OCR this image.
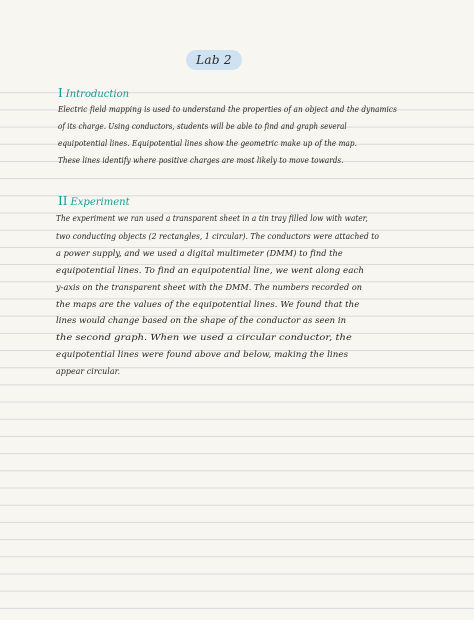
Lab 2
I Introduction
Electric field mapping is used to understand the properties of an object and the dynamics
of its charge. Using conductors, students will be able to find and graph several
equipotential lines. Equipotential lines show the geometric make up of the map.
These lines identify where positive charges are most likely to move towards.
II Experiment
The experiment we ran used a transparent sheet in a tin tray filled low with water,
two conducting objects (2 rectangles, 1 circular). The conductors were attached to
a power supply, and we used a digital multimeter (DMM) to find the
equipotential lines. To find an equipotential line, we went along each
y-axis on the transparent sheet with the DMM. The numbers recorded on
the maps are the values of the equipotential lines. We found that the
lines would change based on the shape of the conductor as seen in
the second graph. When we used a circular conductor, the
equipotential lines were found above and below, making the lines
appear circular.
